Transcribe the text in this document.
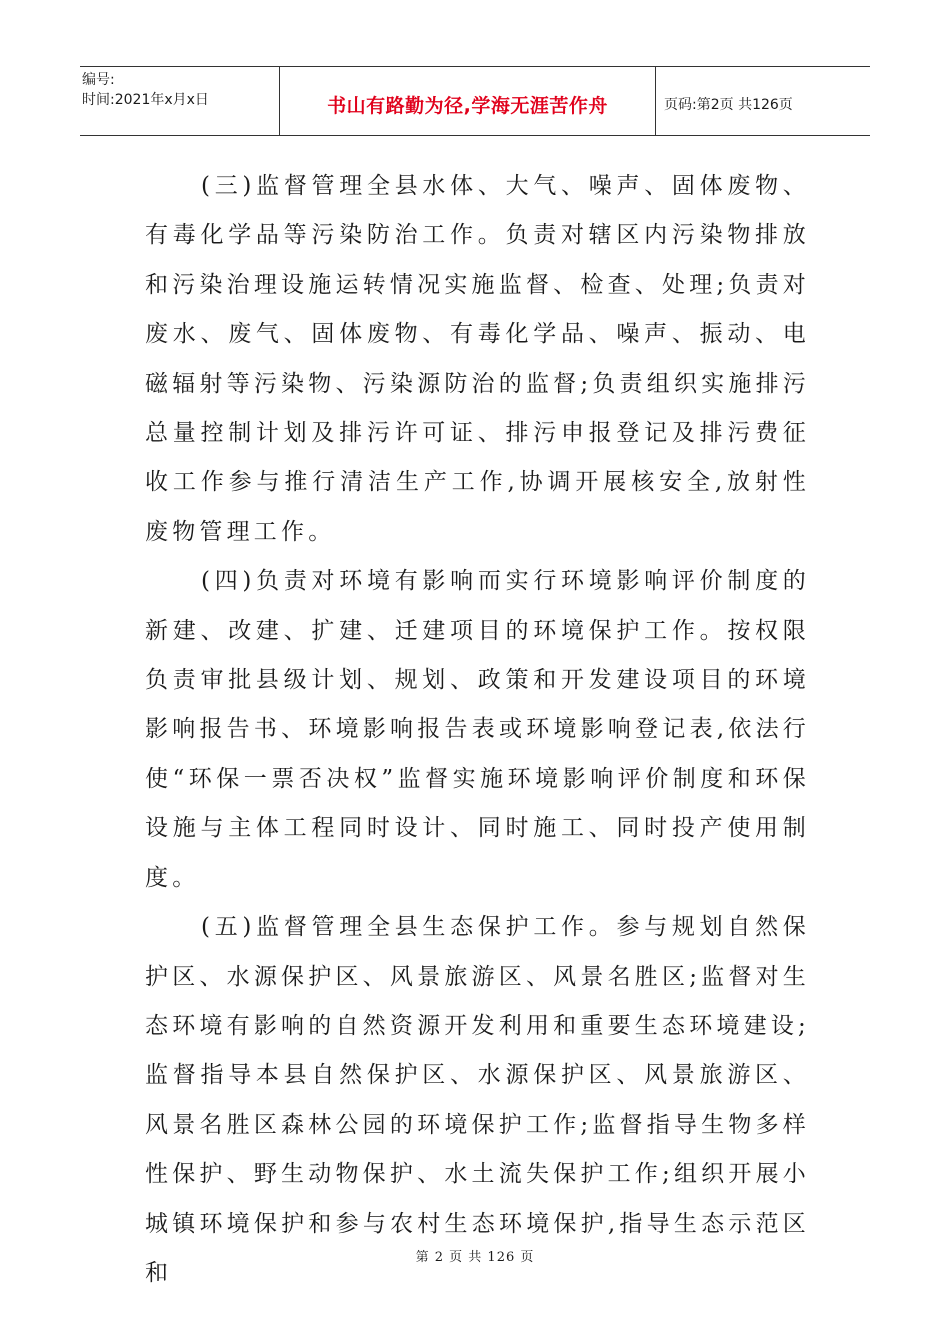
编号:
时间:2021年x月x日	书山有路勤为径,学海无涯苦作舟	页码:第2页 共126页

(三)监督管理全县水体、大气、噪声、固体废物、有毒化学品等污染防治工作。负责对辖区内污染物排放和污染治理设施运转情况实施监督、检查、处理;负责对废水、废气、固体废物、有毒化学品、噪声、振动、电磁辐射等污染物、污染源防治的监督;负责组织实施排污总量控制计划及排污许可证、排污申报登记及排污费征收工作参与推行清洁生产工作,协调开展核安全,放射性废物管理工作。

(四)负责对环境有影响而实行环境影响评价制度的新建、改建、扩建、迁建项目的环境保护工作。按权限负责审批县级计划、规划、政策和开发建设项目的环境影响报告书、环境影响报告表或环境影响登记表,依法行使“环保一票否决权”监督实施环境影响评价制度和环保设施与主体工程同时设计、同时施工、同时投产使用制度。

(五)监督管理全县生态保护工作。参与规划自然保护区、水源保护区、风景旅游区、风景名胜区;监督对生态环境有影响的自然资源开发利用和重要生态环境建设;监督指导本县自然保护区、水源保护区、风景旅游区、风景名胜区森林公园的环境保护工作;监督指导生物多样性保护、野生动物保护、水土流失保护工作;组织开展小城镇环境保护和参与农村生态环境保护,指导生态示范区和

第 2 页 共 126 页
